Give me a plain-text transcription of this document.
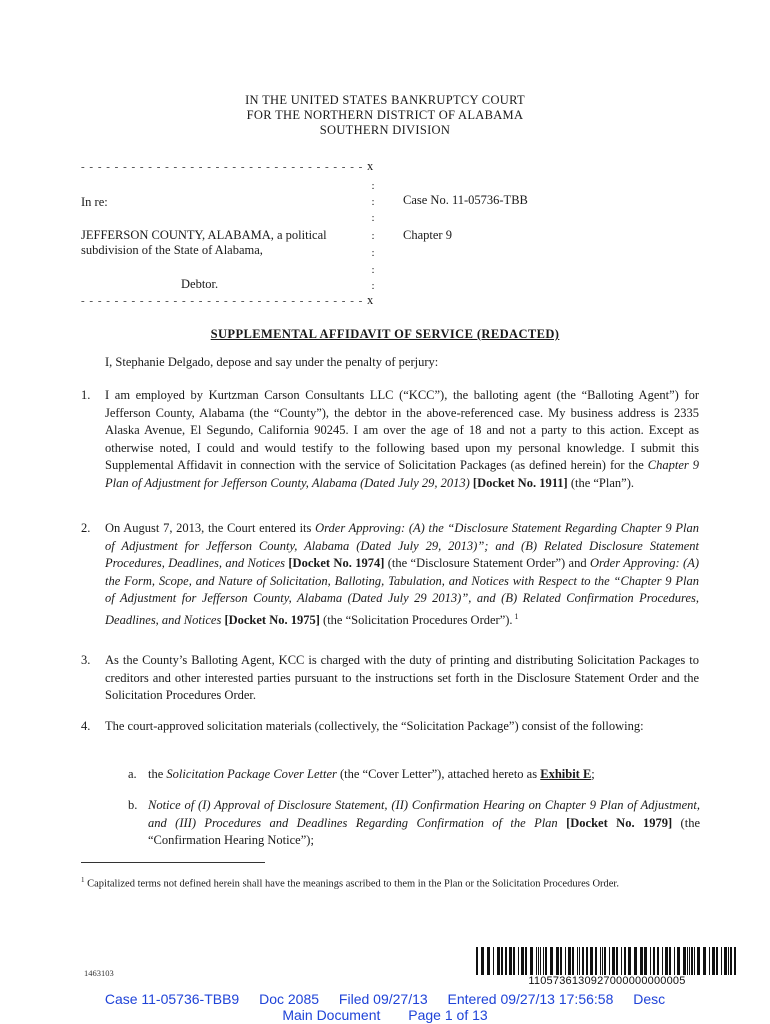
IN THE UNITED STATES BANKRUPTCY COURT
FOR THE NORTHERN DISTRICT OF ALABAMA
SOUTHERN DIVISION
- - - - - - - - - - - - - - - - - - - - - - - - - - - - - - - - - - x
:
:
:
:
:
:
:
In re:	Case No. 11-05736-TBB
JEFFERSON COUNTY, ALABAMA, a political
subdivision of the State of Alabama,
Chapter 9
Debtor.
- - - - - - - - - - - - - - - - - - - - - - - - - - - - - - - - - - x
SUPPLEMENTAL AFFIDAVIT OF SERVICE (REDACTED)
I, Stephanie Delgado, depose and say under the penalty of perjury:
1.	I am employed by Kurtzman Carson Consultants LLC (“KCC”), the balloting agent (the “Balloting Agent”) for Jefferson County, Alabama (the “County”), the debtor in the above-referenced case. My business address is 2335 Alaska Avenue, El Segundo, California 90245. I am over the age of 18 and not a party to this action. Except as otherwise noted, I could and would testify to the following based upon my personal knowledge. I submit this Supplemental Affidavit in connection with the service of Solicitation Packages (as defined herein) for the Chapter 9 Plan of Adjustment for Jefferson County, Alabama (Dated July 29, 2013) [Docket No. 1911] (the “Plan”).
2.	On August 7, 2013, the Court entered its Order Approving: (A) the “Disclosure Statement Regarding Chapter 9 Plan of Adjustment for Jefferson County, Alabama (Dated July 29, 2013)”; and (B) Related Disclosure Statement Procedures, Deadlines, and Notices [Docket No. 1974] (the “Disclosure Statement Order”) and Order Approving: (A) the Form, Scope, and Nature of Solicitation, Balloting, Tabulation, and Notices with Respect to the “Chapter 9 Plan of Adjustment for Jefferson County, Alabama (Dated July 29 2013)”, and (B) Related Confirmation Procedures, Deadlines, and Notices [Docket No. 1975] (the “Solicitation Procedures Order”). $^1$
3.	As the County’s Balloting Agent, KCC is charged with the duty of printing and distributing Solicitation Packages to creditors and other interested parties pursuant to the instructions set forth in the Disclosure Statement Order and the Solicitation Procedures Order.
4.	The court-approved solicitation materials (collectively, the “Solicitation Package”) consist of the following:
a. the Solicitation Package Cover Letter (the “Cover Letter”), attached hereto as Exhibit E;
b. Notice of (I) Approval of Disclosure Statement, (II) Confirmation Hearing on Chapter 9 Plan of Adjustment, and (III) Procedures and Deadlines Regarding Confirmation of the Plan [Docket No. 1979] (the “Confirmation Hearing Notice”);
$^1$ Capitalized terms not defined herein shall have the meanings ascribed to them in the Plan or the Solicitation Procedures Order.
1463103
1105736130927000000000005
Case 11-05736-TBB9 Doc 2085 Filed 09/27/13 Entered 09/27/13 17:56:58 Desc
Main Document Page 1 of 13
